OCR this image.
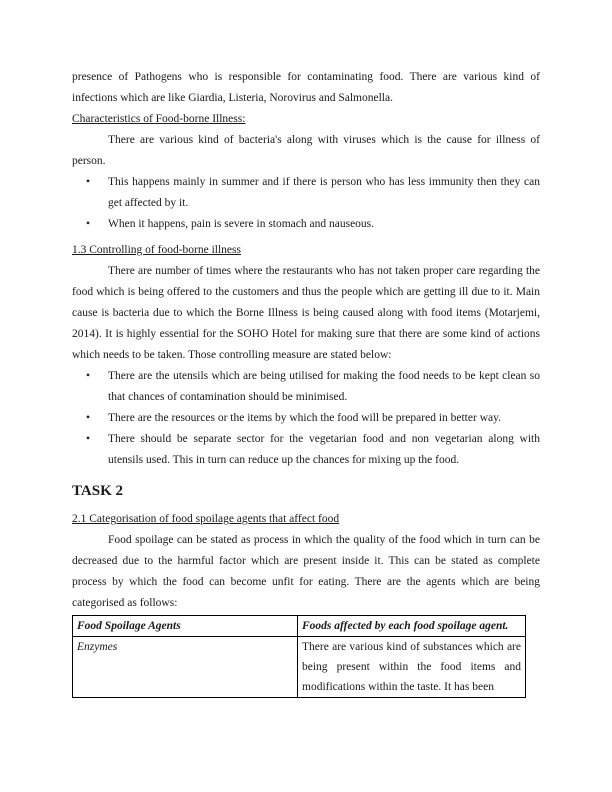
presence of Pathogens who is responsible for contaminating food. There are various kind of infections which are like Giardia, Listeria, Norovirus and Salmonella.

Characteristics of Food-borne Illness:

There are various kind of bacteria's along with viruses which is the cause for illness of person.

•	This happens mainly in summer and if there is person who has less immunity then they can get affected by it.
•	When it happens, pain is severe in stomach and nauseous.

1.3 Controlling of food-borne illness

There are number of times where the restaurants who has not taken proper care regarding the food which is being offered to the customers and thus the people which are getting ill due to it. Main cause is bacteria due to which the Borne Illness is being caused along with food items (Motarjemi, 2014). It is highly essential for the SOHO Hotel for making sure that there are some kind of actions which needs to be taken. Those controlling measure are stated below:

•	There are the utensils which are being utilised for making the food needs to be kept clean so that chances of contamination should be minimised.
•	There are the resources or the items by which the food will be prepared in better way.
•	There should be separate sector for the vegetarian food and non vegetarian along with utensils used. This in turn can reduce up the chances for mixing up the food.
TASK 2

2.1 Categorisation of food spoilage agents that affect food

Food spoilage can be stated as process in which the quality of the food which in turn can be decreased due to the harmful factor which are present inside it. This can be stated as complete process by which the food can become unfit for eating. There are the agents which are being categorised as follows:

Food Spoilage Agents	Foods affected by each food spoilage agent.
Enzymes	There are various kind of substances which are being present within the food items and modifications within the taste. It has been
